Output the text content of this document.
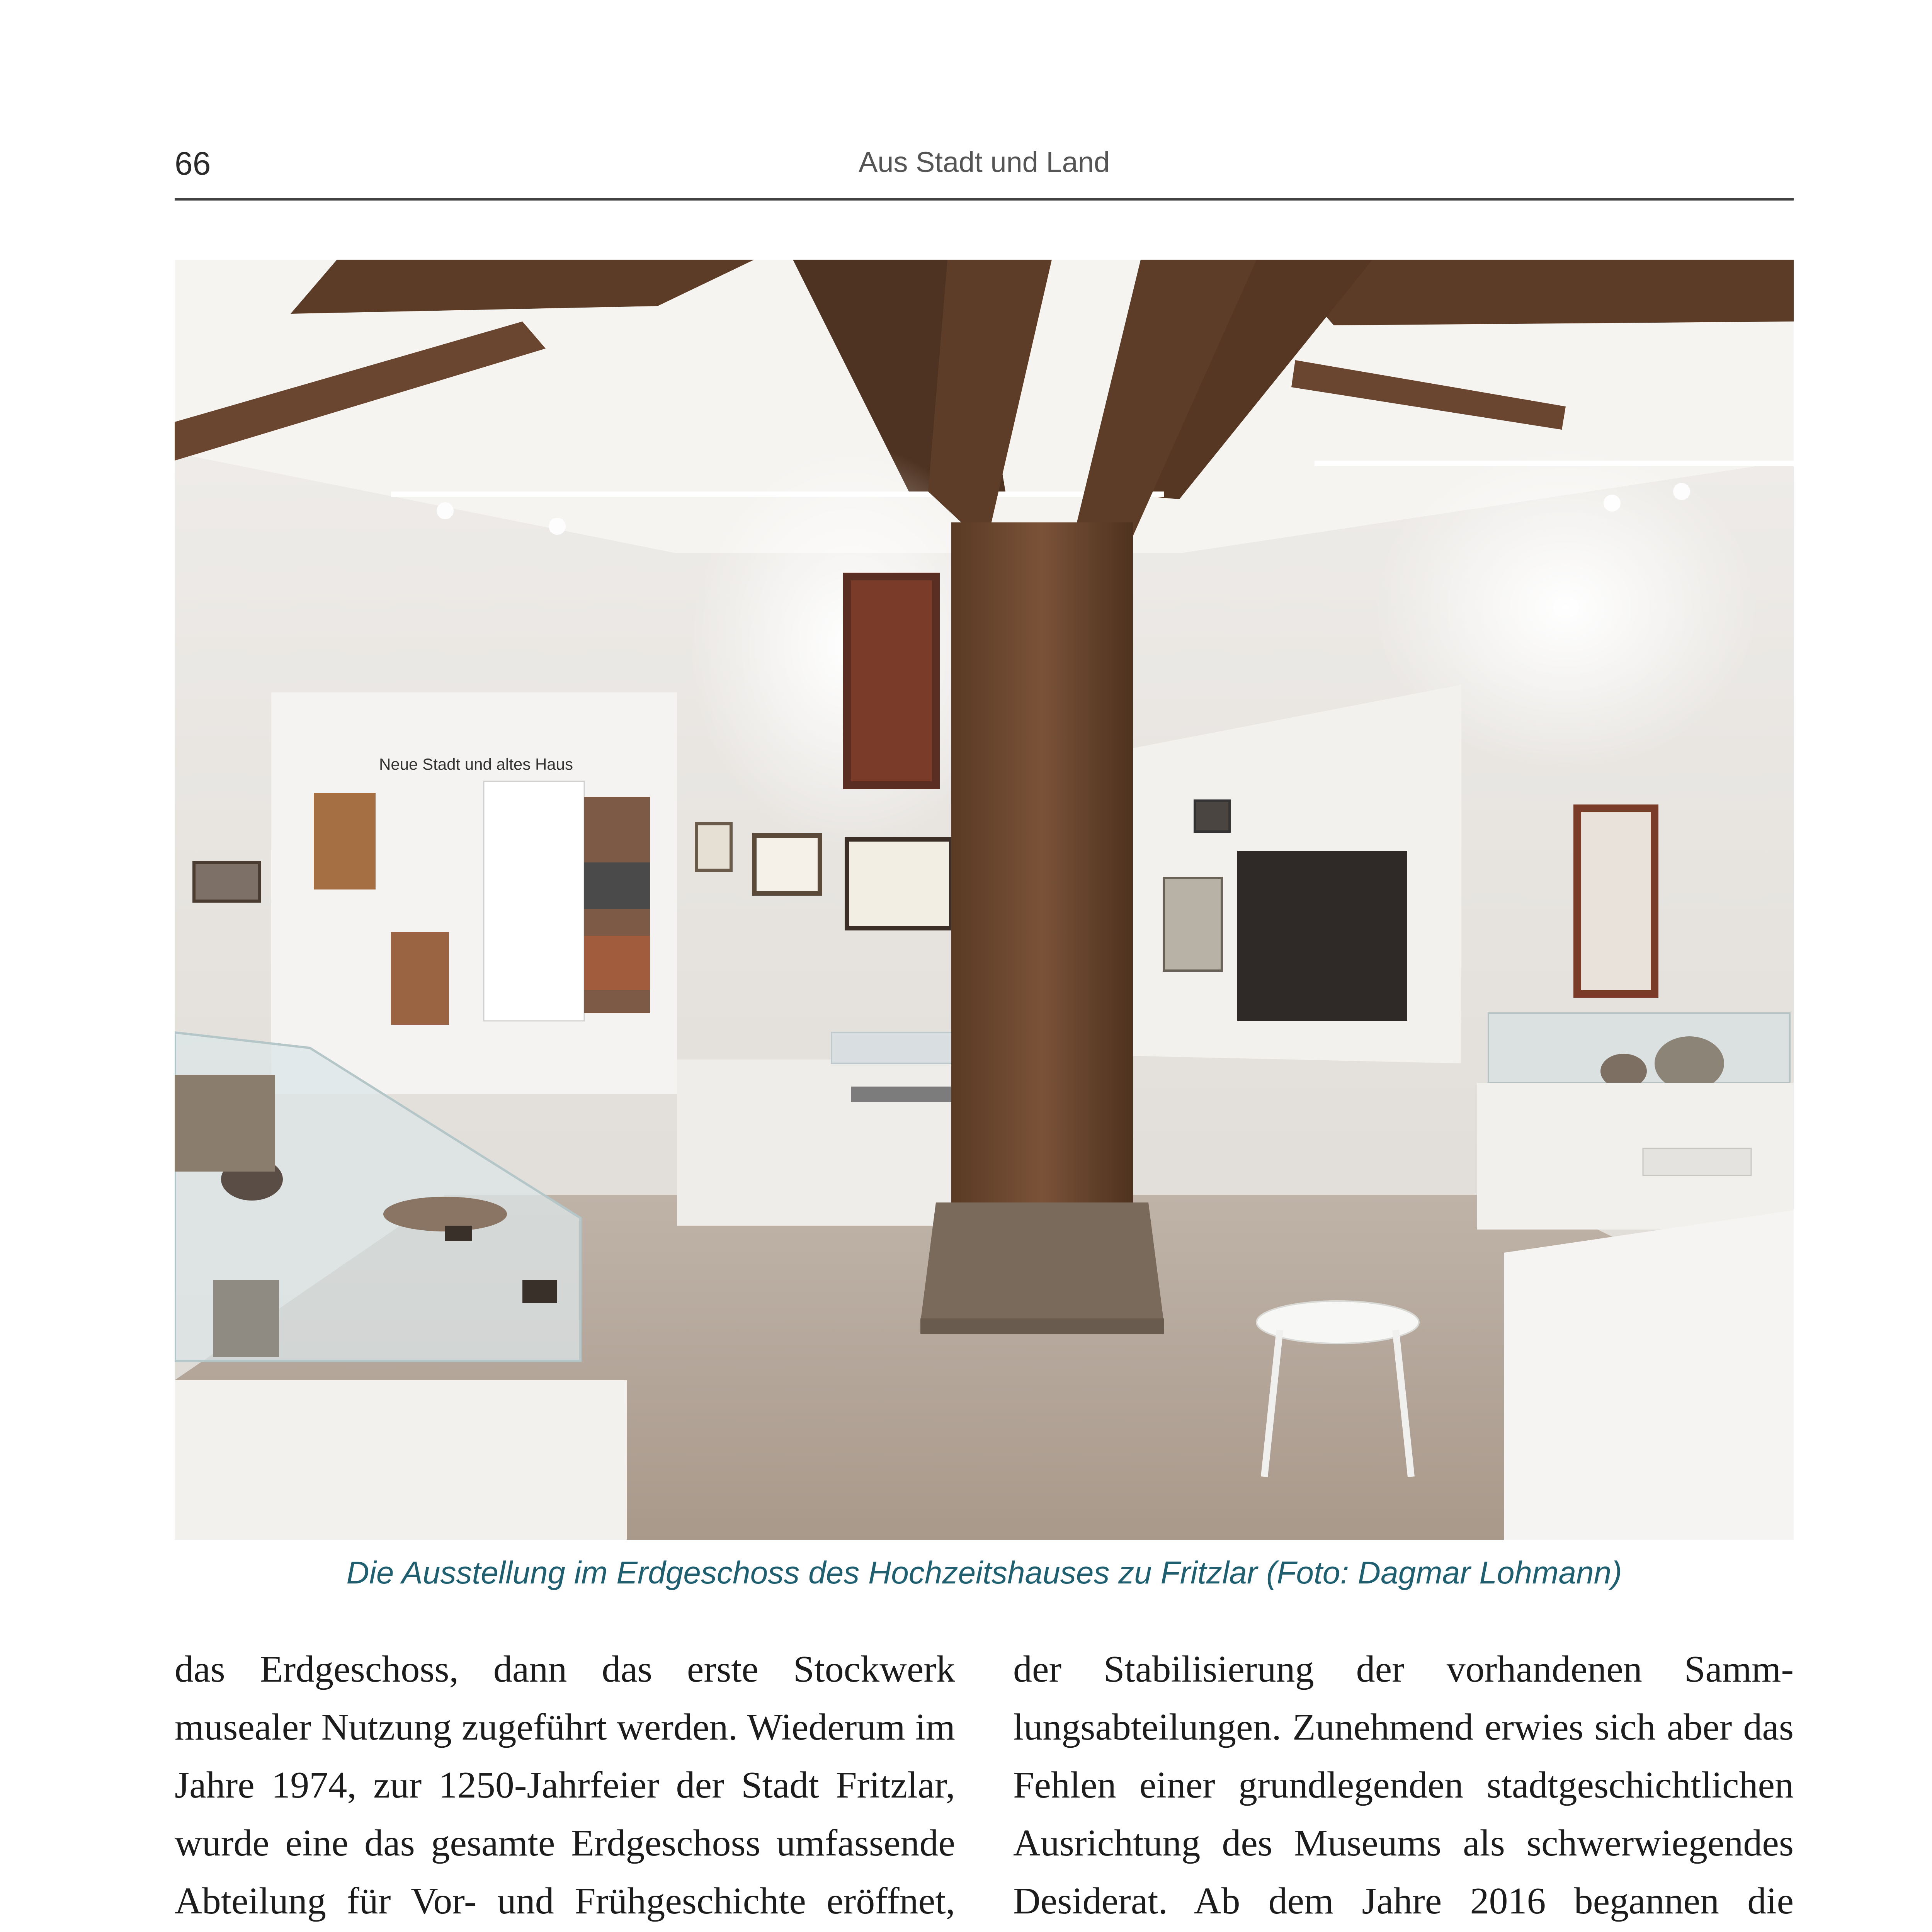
66	Aus Stadt und Land
Neue Stadt und altes Haus
Die Ausstellung im Erdgeschoss des Hochzeitshauses zu Fritzlar (Foto: Dagmar Lohmann)

das Erdgeschoss, dann das erste Stockwerk musealer Nutzung zugeführt werden. Wiederum im Jahre 1974, zur 1250-Jahrfeier der Stadt Fritzlar, wurde eine das gesamte Erdgeschoss umfassende Abteilung für Vor- und Frühgeschichte eröffnet,

der Stabilisierung der vorhandenen Sammlungsabteilungen. Zunehmend erwies sich aber das Fehlen einer grundlegenden stadtgeschichtlichen Ausrichtung des Museums als schwerwiegendes Desiderat. Ab dem Jahre 2016 begannen die
